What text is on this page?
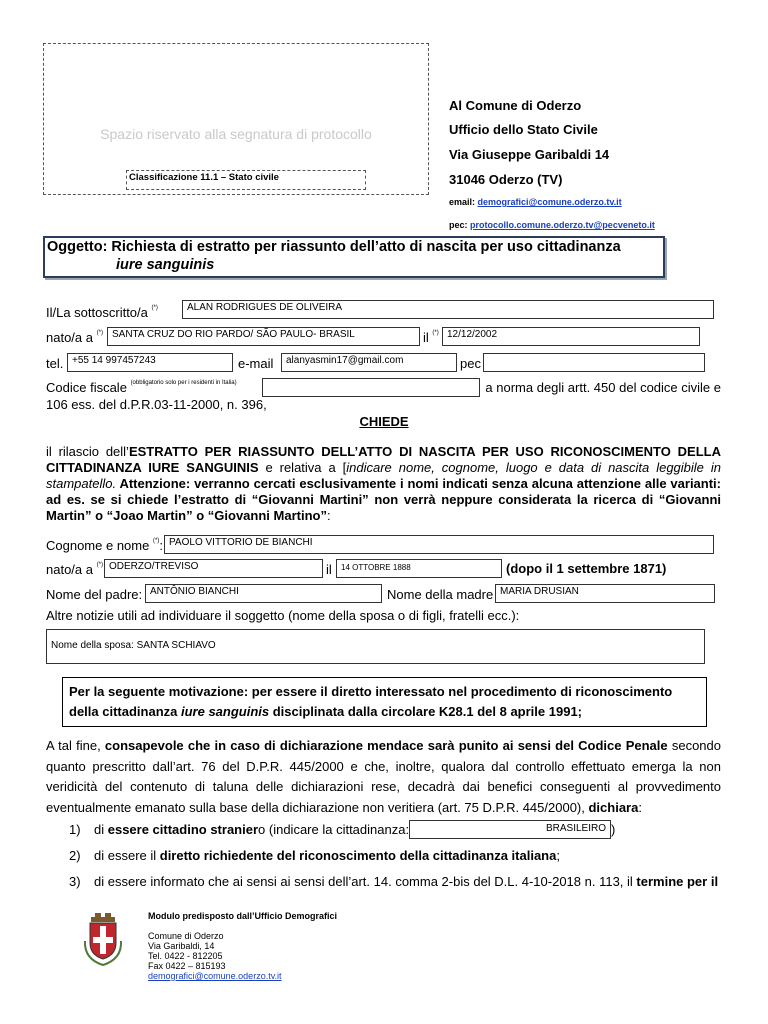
Spazio riservato alla segnatura di protocollo
Classificazione 11.1 – Stato civile
Al Comune di Oderzo
Ufficio dello Stato Civile
Via Giuseppe Garibaldi 14
31046 Oderzo (TV)
email: demografici@comune.oderzo.tv.it
pec: protocollo.comune.oderzo.tv@pecveneto.it
Oggetto: Richiesta di estratto per riassunto dell’atto di nascita per uso cittadinanza
iure sanguinis
Il/La sottoscritto/a (*)	ALAN RODRIGUES DE OLIVEIRA
nato/a a (*) SANTA CRUZ DO RIO PARDO/ SÃO PAULO- BRASIL	il (*) 12/12/2002
tel. +55 14 997457243	e-mail	alanyasmin17@gmail.com	pec
Codice fiscale $^{(obbligatorio solo per i residenti in Italia)}$	a norma degli artt. 450 del codice civile e
106 ess. del d.P.R.03-11-2000, n. 396,
CHIEDE
il rilascio dell’ESTRATTO PER RIASSUNTO DELL’ATTO DI NASCITA PER USO RICONOSCIMENTO DELLA CITTADINANZA IURE SANGUINIS e relativa a [indicare nome, cognome, luogo e data di nascita leggibile in stampatello. Attenzione: verranno cercati esclusivamente i nomi indicati senza alcuna attenzione alle varianti: ad es. se si chiede l’estratto di “Giovanni Martini” non verrà neppure considerata la ricerca di “Giovanni Martin” o “Joao Martin” o “Giovanni Martino”:
Cognome e nome (*): PAOLO VITTORIO DE BIANCHI
nato/a a (*) ODERZO/TREVISO	il	14 OTTOBRE 1888	(dopo il 1 settembre 1871)
Nome del padre: ANTÔNIO BIANCHI	Nome della madre MARIA DRUSIAN
Altre notizie utili ad individuare il soggetto (nome della sposa o di figli, fratelli ecc.):
Nome della sposa: SANTA SCHIAVO
Per la seguente motivazione: per essere il diretto interessato nel procedimento di riconoscimento della cittadinanza iure sanguinis disciplinata dalla circolare K28.1 del 8 aprile 1991;
A tal fine, consapevole che in caso di dichiarazione mendace sarà punito ai sensi del Codice Penale secondo quanto prescritto dall’art. 76 del D.P.R. 445/2000 e che, inoltre, qualora dal controllo effettuato emerga la non veridicità del contenuto di taluna delle dichiarazioni rese, decadrà dai benefici conseguenti al provvedimento eventualmente emanato sulla base della dichiarazione non veritiera (art. 75 D.P.R. 445/2000), dichiara:
1) di essere cittadino straniero (indicare la cittadinanza:	BRASILEIRO )
2) di essere il diretto richiedente del riconoscimento della cittadinanza italiana;
3) di essere informato che ai sensi ai sensi dell’art. 14. comma 2-bis del D.L. 4-10-2018 n. 113, il termine per il
Modulo predisposto dall’Ufficio Demografici
Comune di Oderzo
Via Garibaldi, 14
Tel. 0422 - 812205
Fax 0422 – 815193
demografici@comune.oderzo.tv.it
